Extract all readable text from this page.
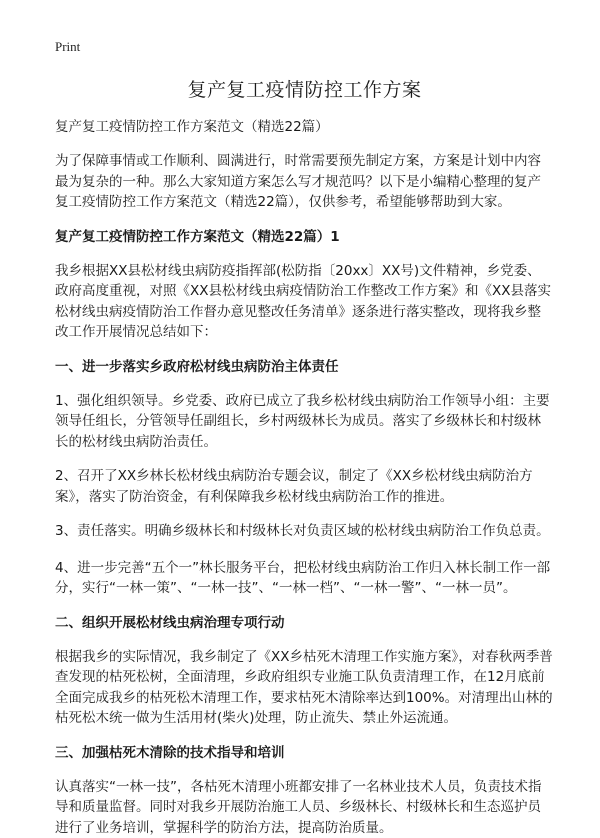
Print
复产复工疫情防控工作方案

复产复工疫情防控工作方案范文（精选22篇）

为了保障事情或工作顺利、圆满进行，时常需要预先制定方案，方案是计划中内容最为复杂的一种。那么大家知道方案怎么写才规范吗？以下是小编精心整理的复产复工疫情防控工作方案范文（精选22篇），仅供参考，希望能够帮助到大家。

复产复工疫情防控工作方案范文（精选22篇）1

我乡根据XX县松材线虫病防疫指挥部(松防指〔20xx〕XX号)文件精神，乡党委、政府高度重视，对照《XX县松材线虫病疫情防治工作整改工作方案》和《XX县落实松材线虫病疫情防治工作督办意见整改任务清单》逐条进行落实整改，现将我乡整改工作开展情况总结如下：

一、进一步落实乡政府松材线虫病防治主体责任

1、强化组织领导。乡党委、政府已成立了我乡松材线虫病防治工作领导小组：主要领导任组长，分管领导任副组长，乡村两级林长为成员。落实了乡级林长和村级林长的松材线虫病防治责任。

2、召开了XX乡林长松材线虫病防治专题会议，制定了《XX乡松材线虫病防治方案》，落实了防治资金，有利保障我乡松材线虫病防治工作的推进。

3、责任落实。明确乡级林长和村级林长对负责区域的松材线虫病防治工作负总责。

4、进一步完善“五个一”林长服务平台，把松材线虫病防治工作归入林长制工作一部分，实行“一林一策”、“一林一技”、“一林一档”、“一林一警”、“一林一员”。

二、组织开展松材线虫病治理专项行动

根据我乡的实际情况，我乡制定了《XX乡枯死木清理工作实施方案》，对春秋两季普查发现的枯死松树，全面清理，乡政府组织专业施工队负责清理工作，在12月底前全面完成我乡的枯死松木清理工作，要求枯死木清除率达到100%。对清理出山林的枯死松木统一做为生活用材(柴火)处理，防止流失、禁止外运流通。

三、加强枯死木清除的技术指导和培训

认真落实“一林一技”，各枯死木清理小班都安排了一名林业技术人员，负责技术指导和质量监督。同时对我乡开展防治施工人员、乡级林长、村级林长和生态巡护员进行了业务培训，掌握科学的防治方法，提高防治质量。
